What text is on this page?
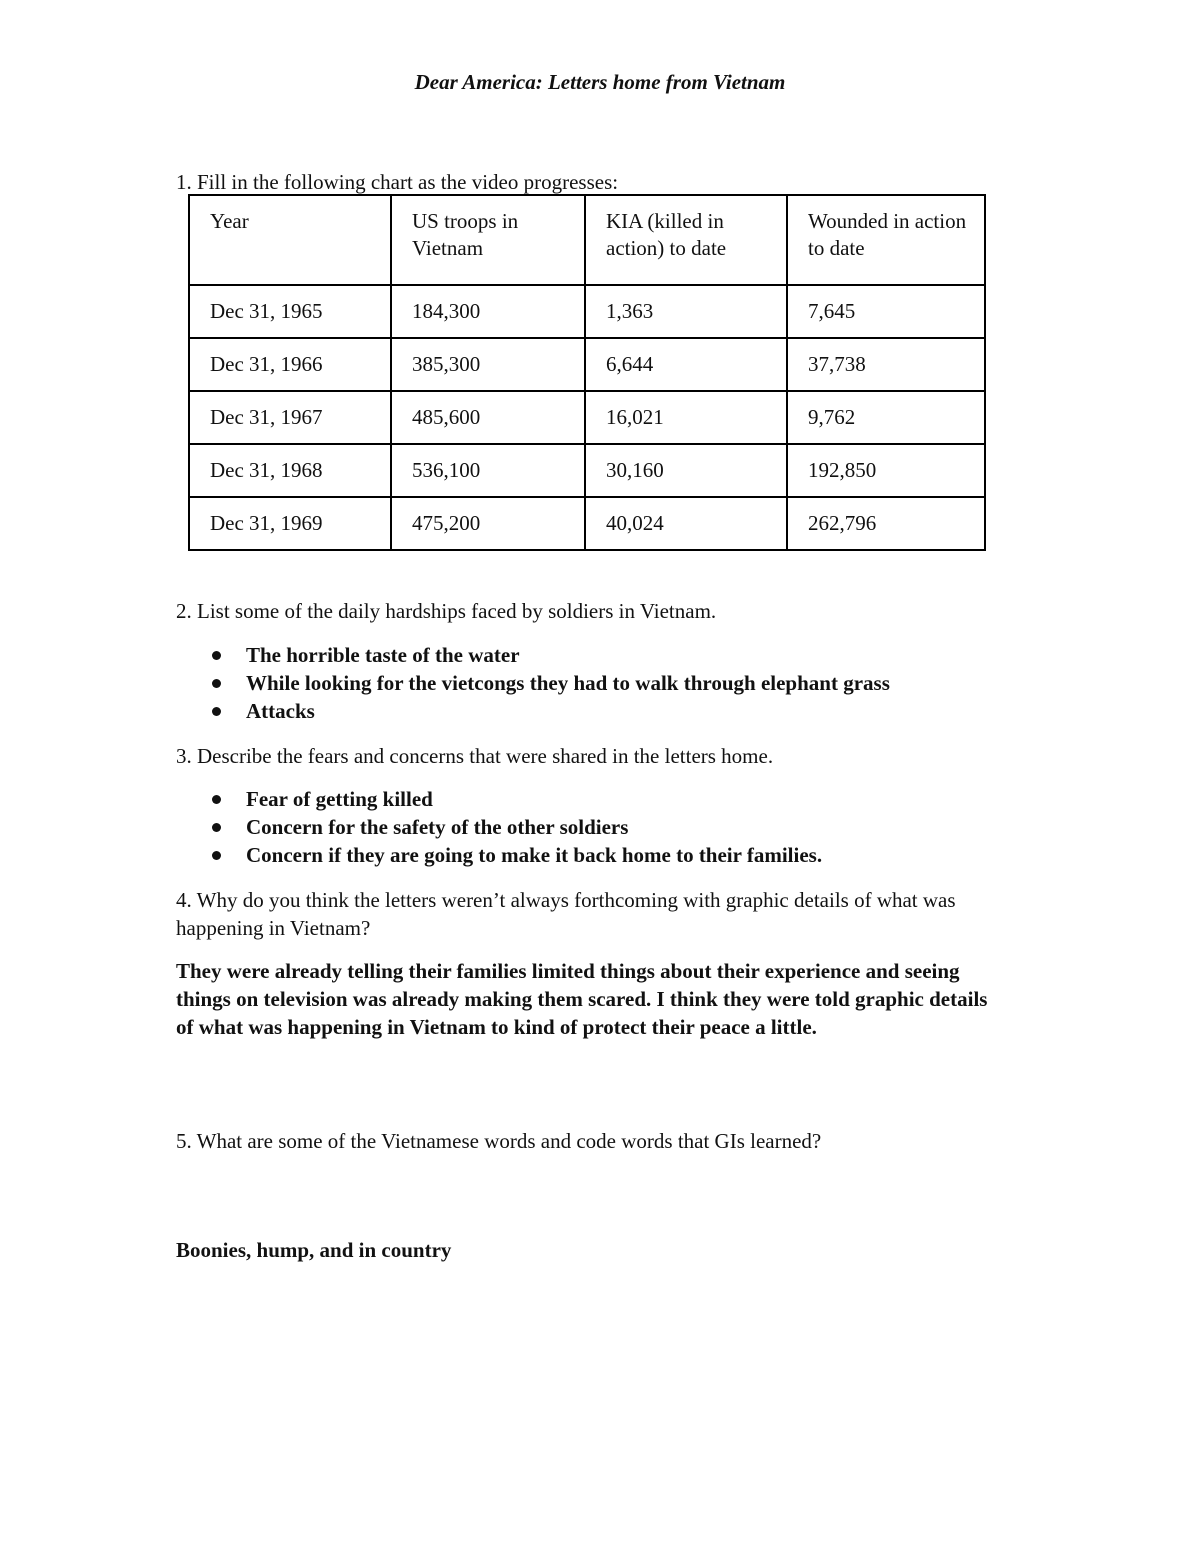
Dear America: Letters home from Vietnam
1. Fill in the following chart as the video progresses:
Year	US troops in Vietnam	KIA (killed in action) to date	Wounded in action to date
Dec 31, 1965	184,300	1,363	7,645
Dec 31, 1966	385,300	6,644	37,738
Dec 31, 1967	485,600	16,021	9,762
Dec 31, 1968	536,100	30,160	192,850
Dec 31, 1969	475,200	40,024	262,796
2. List some of the daily hardships faced by soldiers in Vietnam.
The horrible taste of the water
While looking for the vietcongs they had to walk through elephant grass
Attacks
3. Describe the fears and concerns that were shared in the letters home.
Fear of getting killed
Concern for the safety of the other soldiers
Concern if they are going to make it back home to their families.
4. Why do you think the letters weren’t always forthcoming with graphic details of what was happening in Vietnam?
They were already telling their families limited things about their experience and seeing things on television was already making them scared. I think they were told graphic details of what was happening in Vietnam to kind of protect their peace a little.
5. What are some of the Vietnamese words and code words that GIs learned?
Boonies, hump, and in country
